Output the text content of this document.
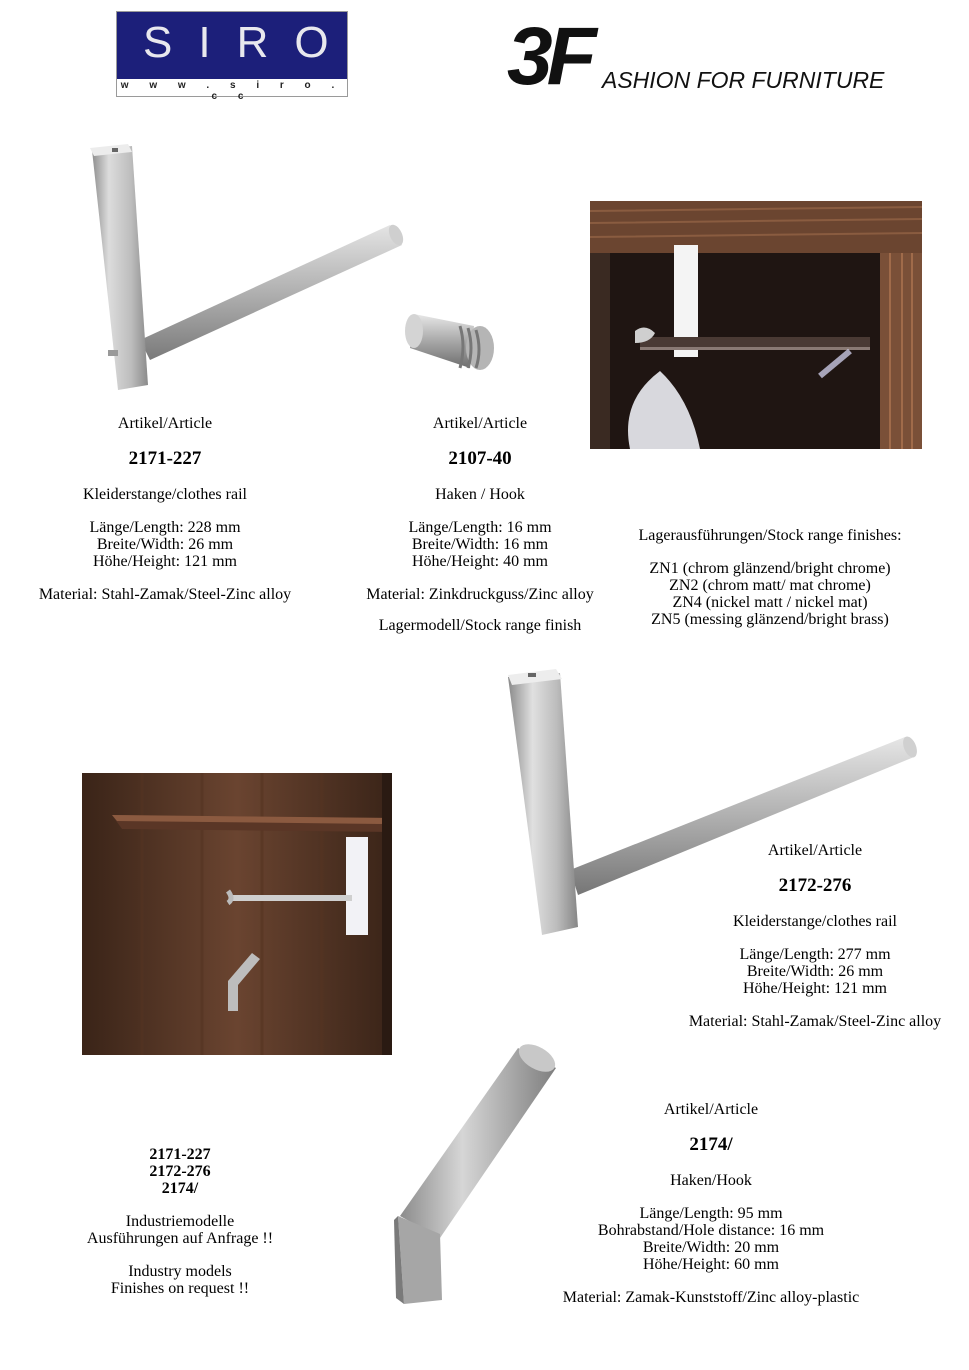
SIRO
w w w . s i r o . c c	3F ASHION FOR FURNITURE
Artikel/Article
2171-227
Kleiderstange/clothes rail
Länge/Length: 228 mm
Breite/Width: 26 mm
Höhe/Height: 121 mm
Material: Stahl-Zamak/Steel-Zinc alloy
Artikel/Article
2107-40
Haken / Hook
Länge/Length: 16 mm
Breite/Width: 16 mm
Höhe/Height: 40 mm
Material: Zinkdruckguss/Zinc alloy
Lagermodell/Stock range finish
Lagerausführungen/Stock range finishes:
ZN1 (chrom glänzend/bright chrome)
ZN2 (chrom matt/ mat chrome)
ZN4 (nickel matt / nickel mat)
ZN5 (messing glänzend/bright brass)
Artikel/Article
2172-276
Kleiderstange/clothes rail
Länge/Length: 277 mm
Breite/Width: 26 mm
Höhe/Height: 121 mm
Material: Stahl-Zamak/Steel-Zinc alloy
Artikel/Article
2174/
Haken/Hook
Länge/Length: 95 mm
Bohrabstand/Hole distance: 16 mm
Breite/Width: 20 mm
Höhe/Height: 60 mm
Material: Zamak-Kunststoff/Zinc alloy-plastic
2171-227
2172-276
2174/
Industriemodelle
Ausführungen auf Anfrage !!
Industry models
Finishes on request !!
